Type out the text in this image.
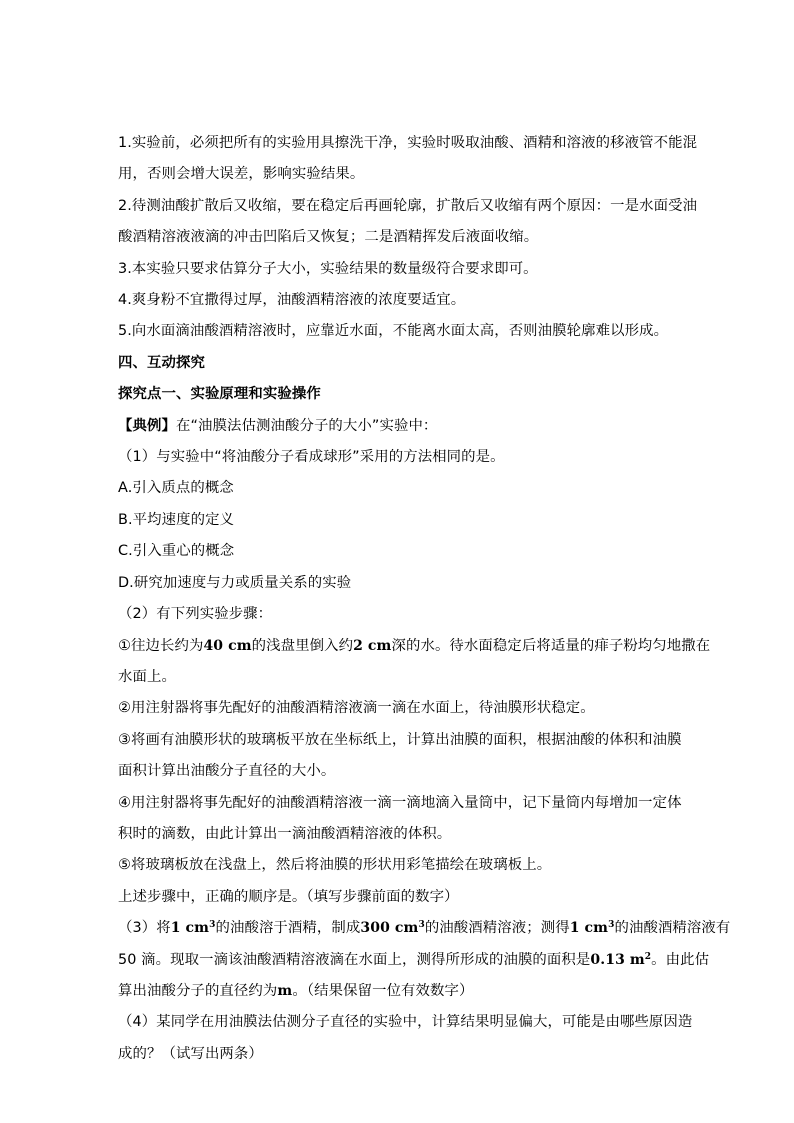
1.实验前，必须把所有的实验用具擦洗干净，实验时吸取油酸、酒精和溶液的移液管不能混
用，否则会增大误差，影响实验结果。
2.待测油酸扩散后又收缩，要在稳定后再画轮廓，扩散后又收缩有两个原因：一是水面受油
酸酒精溶液液滴的冲击凹陷后又恢复；二是酒精挥发后液面收缩。
3.本实验只要求估算分子大小，实验结果的数量级符合要求即可。
4.爽身粉不宜撒得过厚，油酸酒精溶液的浓度要适宜。
5.向水面滴油酸酒精溶液时，应靠近水面，不能离水面太高，否则油膜轮廓难以形成。
四、互动探究
探究点一、实验原理和实验操作
【典例】在“油膜法估测油酸分子的大小”实验中：
（1）与实验中“将油酸分子看成球形”采用的方法相同的是。
A.引入质点的概念
B.平均速度的定义
C.引入重心的概念
D.研究加速度与力或质量关系的实验
（2）有下列实验步骤：
①往边长约为40 cm的浅盘里倒入约2 cm深的水。待水面稳定后将适量的痱子粉均匀地撒在
水面上。
②用注射器将事先配好的油酸酒精溶液滴一滴在水面上，待油膜形状稳定。
③将画有油膜形状的玻璃板平放在坐标纸上，计算出油膜的面积，根据油酸的体积和油膜
面积计算出油酸分子直径的大小。
④用注射器将事先配好的油酸酒精溶液一滴一滴地滴入量筒中，记下量筒内每增加一定体
积时的滴数，由此计算出一滴油酸酒精溶液的体积。
⑤将玻璃板放在浅盘上，然后将油膜的形状用彩笔描绘在玻璃板上。
上述步骤中，正确的顺序是。（填写步骤前面的数字）
（3）将1 $cm^3$的油酸溶于酒精，制成300 $cm^3$的油酸酒精溶液；测得1 $cm^3$的油酸酒精溶液有
50 滴。现取一滴该油酸酒精溶液滴在水面上，测得所形成的油膜的面积是0.13 $m^2$。由此估
算出油酸分子的直径约为m。（结果保留一位有效数字）
（4）某同学在用油膜法估测分子直径的实验中，计算结果明显偏大，可能是由哪些原因造
成的？（试写出两条）
